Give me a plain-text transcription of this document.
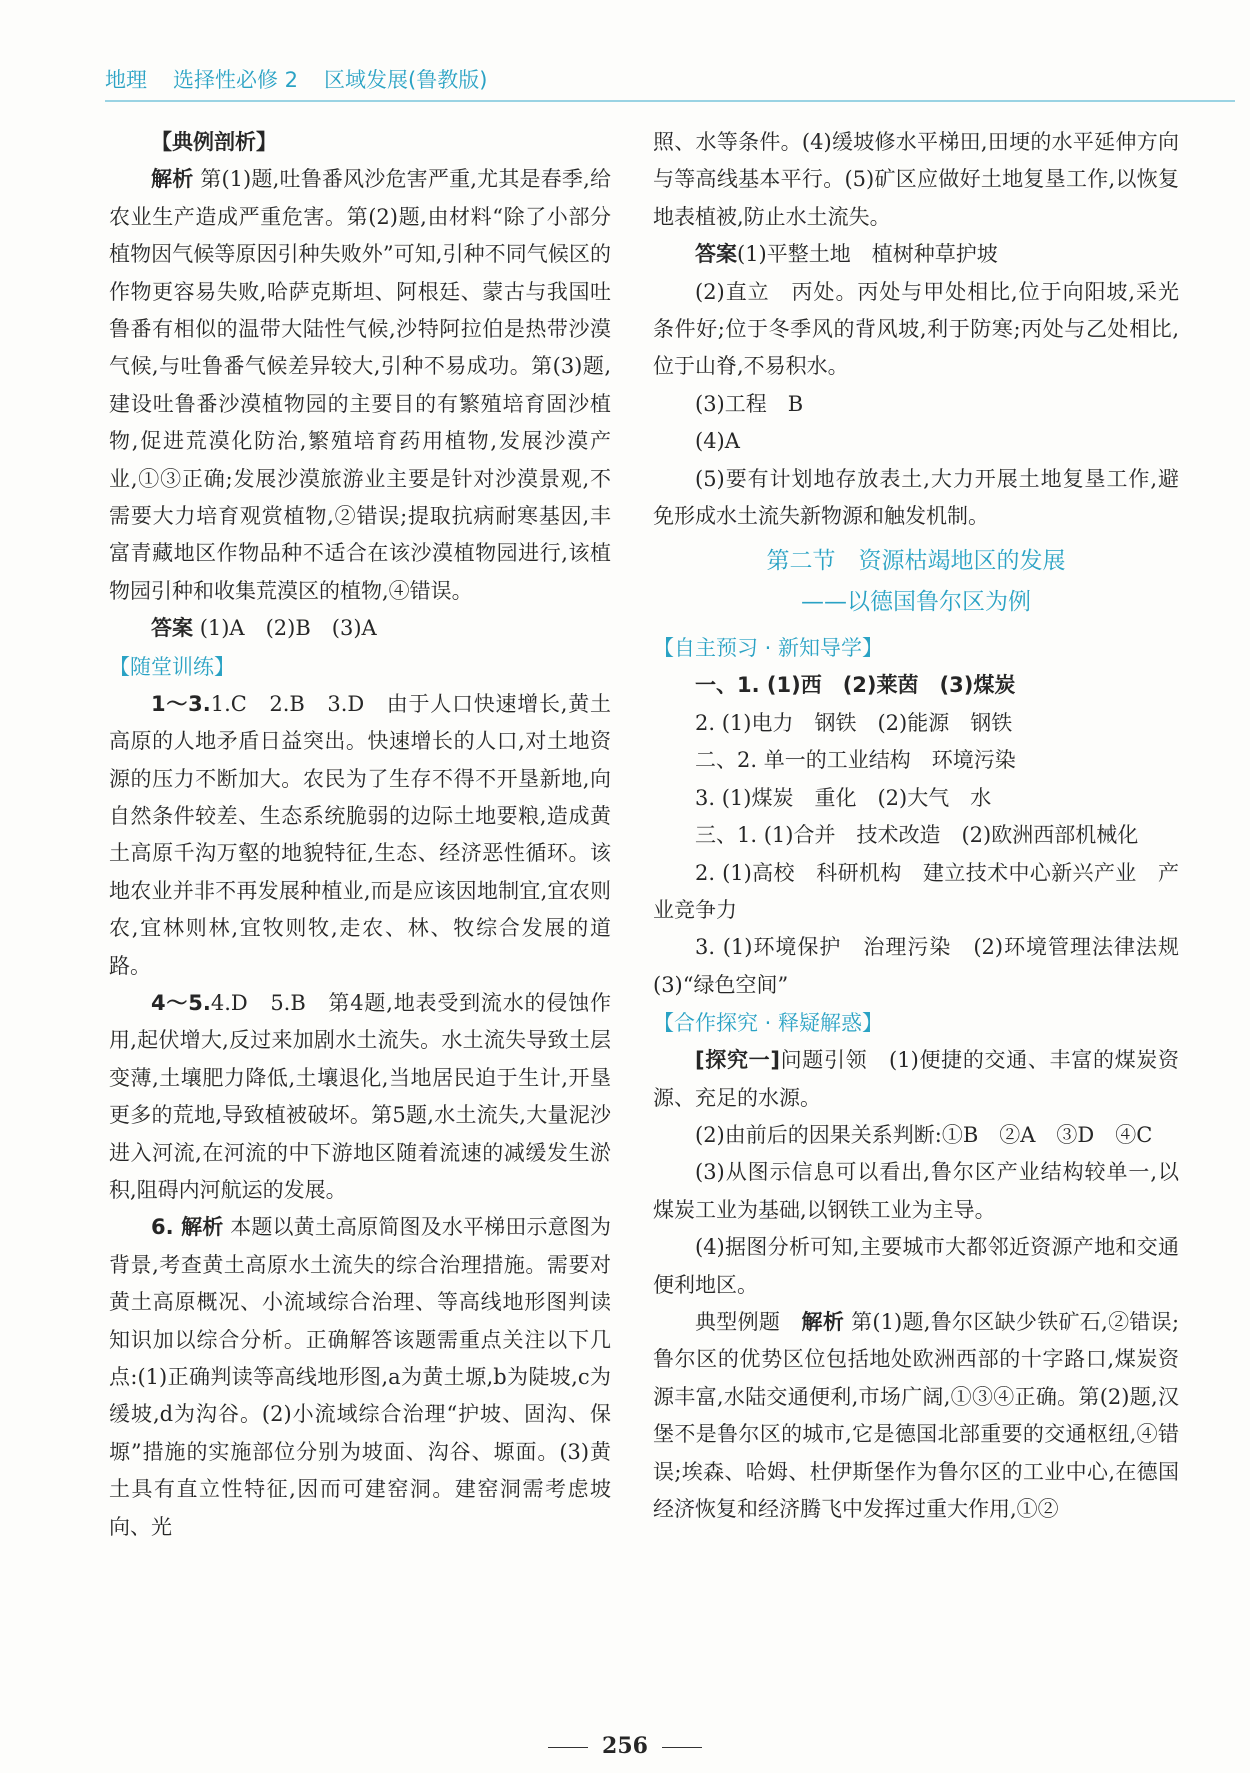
地理 选择性必修 2 区域发展(鲁教版)

【典例剖析】

解析 第(1)题,吐鲁番风沙危害严重,尤其是春季,给农业生产造成严重危害。第(2)题,由材料“除了小部分植物因气候等原因引种失败外”可知,引种不同气候区的作物更容易失败,哈萨克斯坦、阿根廷、蒙古与我国吐鲁番有相似的温带大陆性气候,沙特阿拉伯是热带沙漠气候,与吐鲁番气候差异较大,引种不易成功。第(3)题,建设吐鲁番沙漠植物园的主要目的有繁殖培育固沙植物,促进荒漠化防治,繁殖培育药用植物,发展沙漠产业,①③正确;发展沙漠旅游业主要是针对沙漠景观,不需要大力培育观赏植物,②错误;提取抗病耐寒基因,丰富青藏地区作物品种不适合在该沙漠植物园进行,该植物园引种和收集荒漠区的植物,④错误。

答案 (1)A　(2)B　(3)A

【随堂训练】

1～3.1.C　2.B　3.D　由于人口快速增长,黄土高原的人地矛盾日益突出。快速增长的人口,对土地资源的压力不断加大。农民为了生存不得不开垦新地,向自然条件较差、生态系统脆弱的边际土地要粮,造成黄土高原千沟万壑的地貌特征,生态、经济恶性循环。该地农业并非不再发展种植业,而是应该因地制宜,宜农则农,宜林则林,宜牧则牧,走农、林、牧综合发展的道路。

4～5.4.D　5.B　第4题,地表受到流水的侵蚀作用,起伏增大,反过来加剧水土流失。水土流失导致土层变薄,土壤肥力降低,土壤退化,当地居民迫于生计,开垦更多的荒地,导致植被破坏。第5题,水土流失,大量泥沙进入河流,在河流的中下游地区随着流速的减缓发生淤积,阻碍内河航运的发展。

6. 解析 本题以黄土高原简图及水平梯田示意图为背景,考查黄土高原水土流失的综合治理措施。需要对黄土高原概况、小流域综合治理、等高线地形图判读知识加以综合分析。正确解答该题需重点关注以下几点:(1)正确判读等高线地形图,a为黄土塬,b为陡坡,c为缓坡,d为沟谷。(2)小流域综合治理“护坡、固沟、保塬”措施的实施部位分别为坡面、沟谷、塬面。(3)黄土具有直立性特征,因而可建窑洞。建窑洞需考虑坡向、光

照、水等条件。(4)缓坡修水平梯田,田埂的水平延伸方向与等高线基本平行。(5)矿区应做好土地复垦工作,以恢复地表植被,防止水土流失。

答案(1)平整土地　植树种草护坡

(2)直立　丙处。丙处与甲处相比,位于向阳坡,采光条件好;位于冬季风的背风坡,利于防寒;丙处与乙处相比,位于山脊,不易积水。

(3)工程　B

(4)A

(5)要有计划地存放表土,大力开展土地复垦工作,避免形成水土流失新物源和触发机制。

第二节　资源枯竭地区的发展

——以德国鲁尔区为例

【自主预习 · 新知导学】

一、1. (1)西　(2)莱茵　(3)煤炭

2. (1)电力　钢铁　(2)能源　钢铁

二、2. 单一的工业结构　环境污染

3. (1)煤炭　重化　(2)大气　水

三、1. (1)合并　技术改造　(2)欧洲西部机械化

2. (1)高校　科研机构　建立技术中心新兴产业　产业竞争力

3. (1)环境保护　治理污染　(2)环境管理法律法规　(3)“绿色空间”

【合作探究 · 释疑解惑】

[探究一]问题引领　(1)便捷的交通、丰富的煤炭资源、充足的水源。

(2)由前后的因果关系判断:①B　②A　③D　④C

(3)从图示信息可以看出,鲁尔区产业结构较单一,以煤炭工业为基础,以钢铁工业为主导。

(4)据图分析可知,主要城市大都邻近资源产地和交通便利地区。

典型例题　 解析 第(1)题,鲁尔区缺少铁矿石,②错误;鲁尔区的优势区位包括地处欧洲西部的十字路口,煤炭资源丰富,水陆交通便利,市场广阔,①③④正确。第(2)题,汉堡不是鲁尔区的城市,它是德国北部重要的交通枢纽,④错误;埃森、哈姆、杜伊斯堡作为鲁尔区的工业中心,在德国经济恢复和经济腾飞中发挥过重大作用,①②

256
